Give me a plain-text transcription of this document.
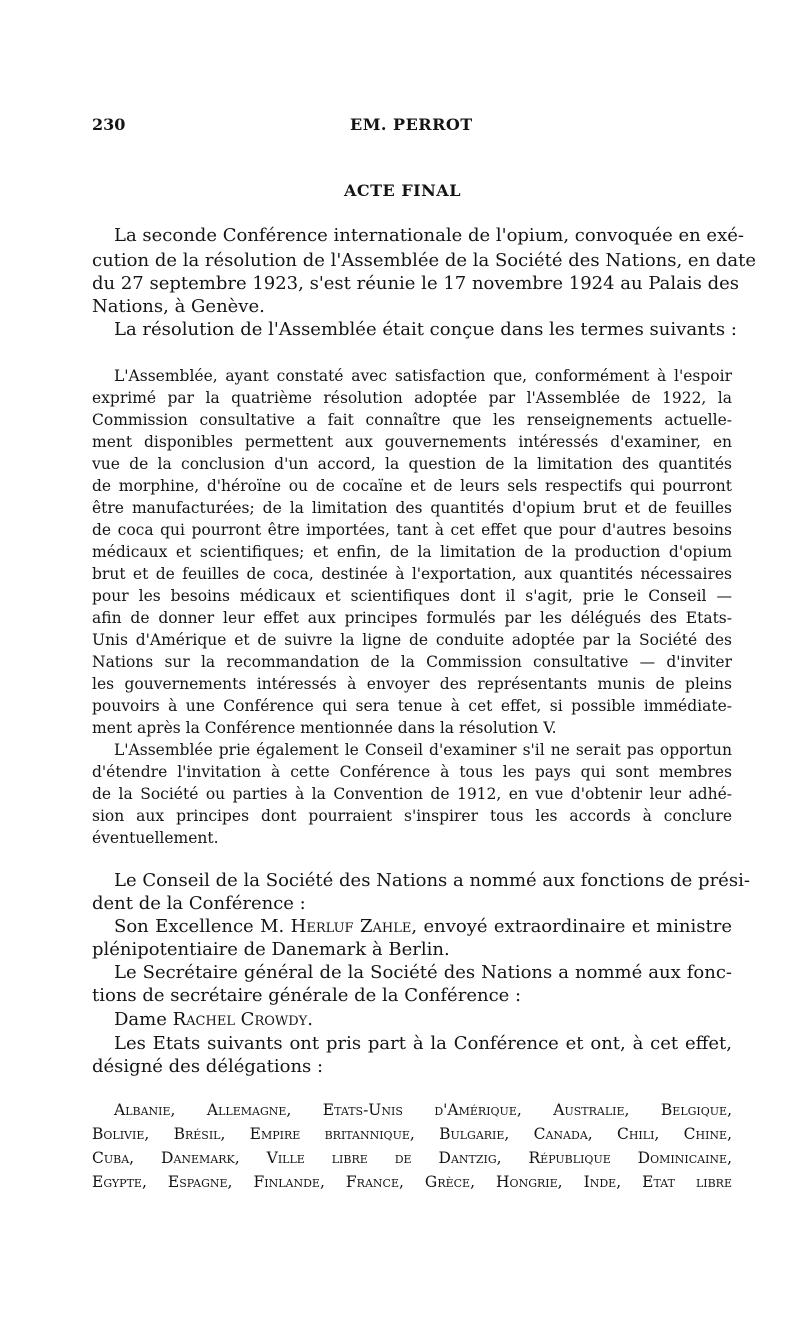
230	EM. PERROT
ACTE FINAL
La seconde Conférence internationale de l'opium, convoquée en exé-
cution de la résolution de l'Assemblée de la Société des Nations, en date
du 27 septembre 1923, s'est réunie le 17 novembre 1924 au Palais des
Nations, à Genève.
La résolution de l'Assemblée était conçue dans les termes suivants :
L'Assemblée, ayant constaté avec satisfaction que, conformément à l'espoir
exprimé par la quatrième résolution adoptée par l'Assemblée de 1922, la
Commission consultative a fait connaître que les renseignements actuelle-
ment disponibles permettent aux gouvernements intéressés d'examiner, en
vue de la conclusion d'un accord, la question de la limitation des quantités
de morphine, d'héroïne ou de cocaïne et de leurs sels respectifs qui pourront
être manufacturées; de la limitation des quantités d'opium brut et de feuilles
de coca qui pourront être importées, tant à cet effet que pour d'autres besoins
médicaux et scientifiques; et enfin, de la limitation de la production d'opium
brut et de feuilles de coca, destinée à l'exportation, aux quantités nécessaires
pour les besoins médicaux et scientifiques dont il s'agit, prie le Conseil —
afin de donner leur effet aux principes formulés par les délégués des Etats-
Unis d'Amérique et de suivre la ligne de conduite adoptée par la Société des
Nations sur la recommandation de la Commission consultative — d'inviter
les gouvernements intéressés à envoyer des représentants munis de pleins
pouvoirs à une Conférence qui sera tenue à cet effet, si possible immédiate-
ment après la Conférence mentionnée dans la résolution V.
L'Assemblée prie également le Conseil d'examiner s'il ne serait pas opportun
d'étendre l'invitation à cette Conférence à tous les pays qui sont membres
de la Société ou parties à la Convention de 1912, en vue d'obtenir leur adhé-
sion aux principes dont pourraient s'inspirer tous les accords à conclure
éventuellement.
Le Conseil de la Société des Nations a nommé aux fonctions de prési-
dent de la Conférence :
Son Excellence M. Herluf Zahle, envoyé extraordinaire et ministre
plénipotentiaire de Danemark à Berlin.
Le Secrétaire général de la Société des Nations a nommé aux fonc-
tions de secrétaire générale de la Conférence :
Dame Rachel Crowdy.
Les Etats suivants ont pris part à la Conférence et ont, à cet effet,
désigné des délégations :
Albanie, Allemagne, Etats-Unis d'Amérique, Australie, Belgique,
Bolivie, Brésil, Empire britannique, Bulgarie, Canada, Chili, Chine,
Cuba, Danemark, Ville libre de Dantzig, République Dominicaine,
Egypte, Espagne, Finlande, France, Grèce, Hongrie, Inde, Etat libre
